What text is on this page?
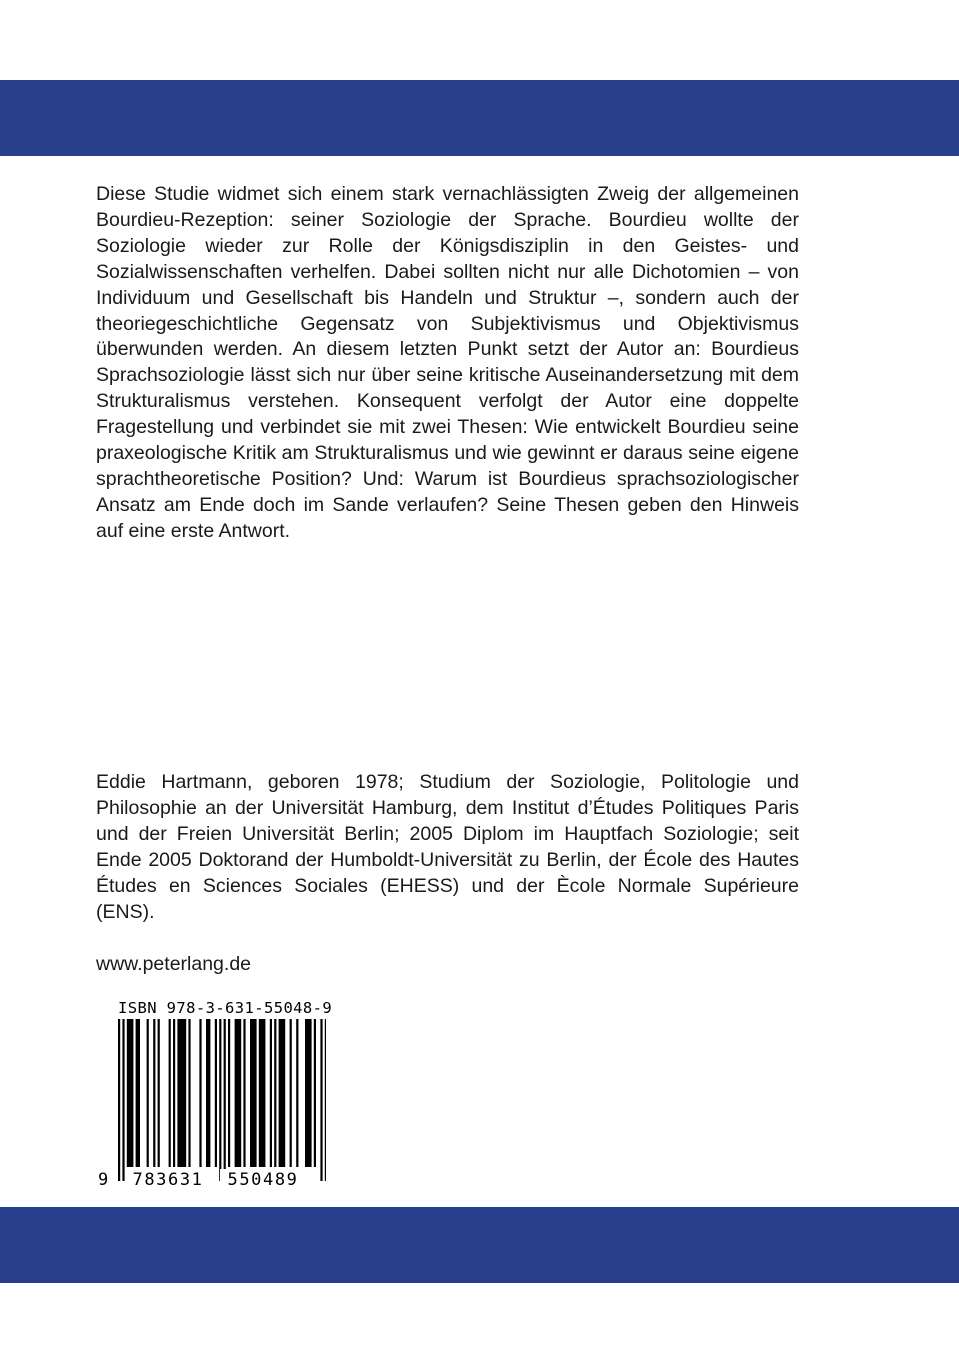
Diese Studie widmet sich einem stark vernachlässigten Zweig der allgemeinen Bourdieu-Rezeption: seiner Soziologie der Sprache. Bourdieu wollte der Soziologie wieder zur Rolle der Königsdisziplin in den Geistes- und Sozialwissenschaften verhelfen. Dabei sollten nicht nur alle Dichotomien – von Individuum und Gesellschaft bis Handeln und Struktur –, sondern auch der theoriegeschichtliche Gegensatz von Subjektivismus und Objektivismus überwunden werden. An diesem letzten Punkt setzt der Autor an: Bourdieus Sprachsoziologie lässt sich nur über seine kritische Auseinandersetzung mit dem Strukturalismus verstehen. Konsequent verfolgt der Autor eine doppelte Fragestellung und verbindet sie mit zwei Thesen: Wie entwickelt Bourdieu seine praxeologische Kritik am Strukturalismus und wie gewinnt er daraus seine eigene sprachtheoretische Position? Und: Warum ist Bourdieus sprachsoziologischer Ansatz am Ende doch im Sande verlaufen? Seine Thesen geben den Hinweis auf eine erste Antwort.

Eddie Hartmann, geboren 1978; Studium der Soziologie, Politologie und Philosophie an der Universität Hamburg, dem Institut d’Études Politiques Paris und der Freien Universität Berlin; 2005 Diplom im Hauptfach Soziologie; seit Ende 2005 Doktorand der Humboldt-Universität zu Berlin, der École des Hautes Études en Sciences Sociales (EHESS) und der Ècole Normale Supérieure (ENS).

www.peterlang.de

ISBN 978-3-631-55048-9

9	783631	550489
